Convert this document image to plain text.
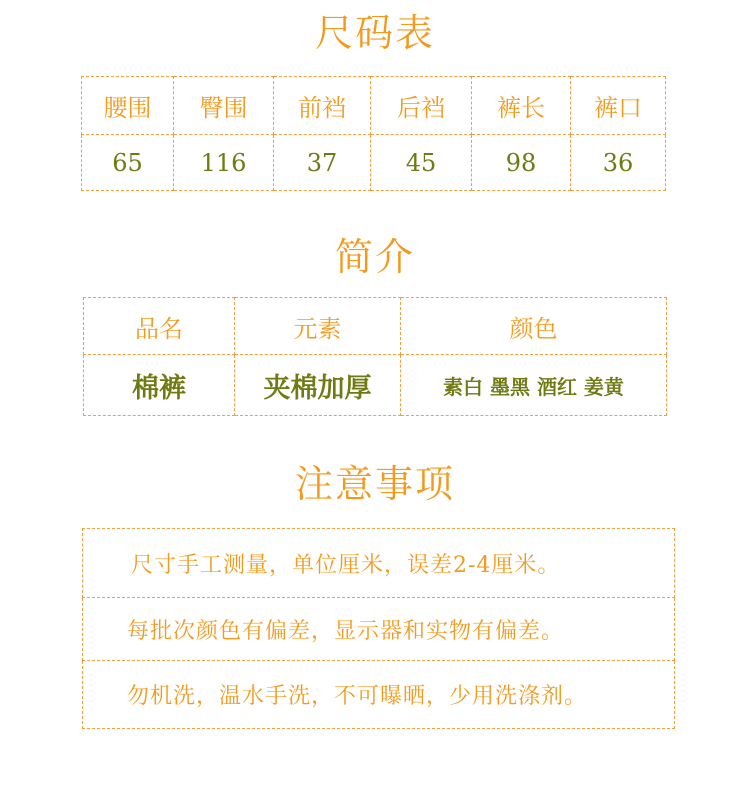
尺码表
腰围	臀围	前裆	后裆	裤长	裤口
65	116	37	45	98	36
简介
品名	元素	颜色
棉裤	夹棉加厚	素白 墨黑 酒红 姜黄
注意事项
尺寸手工测量，单位厘米，误差2-4厘米。
每批次颜色有偏差，显示器和实物有偏差。
勿机洗，温水手洗，不可曝晒，少用洗涤剂。
